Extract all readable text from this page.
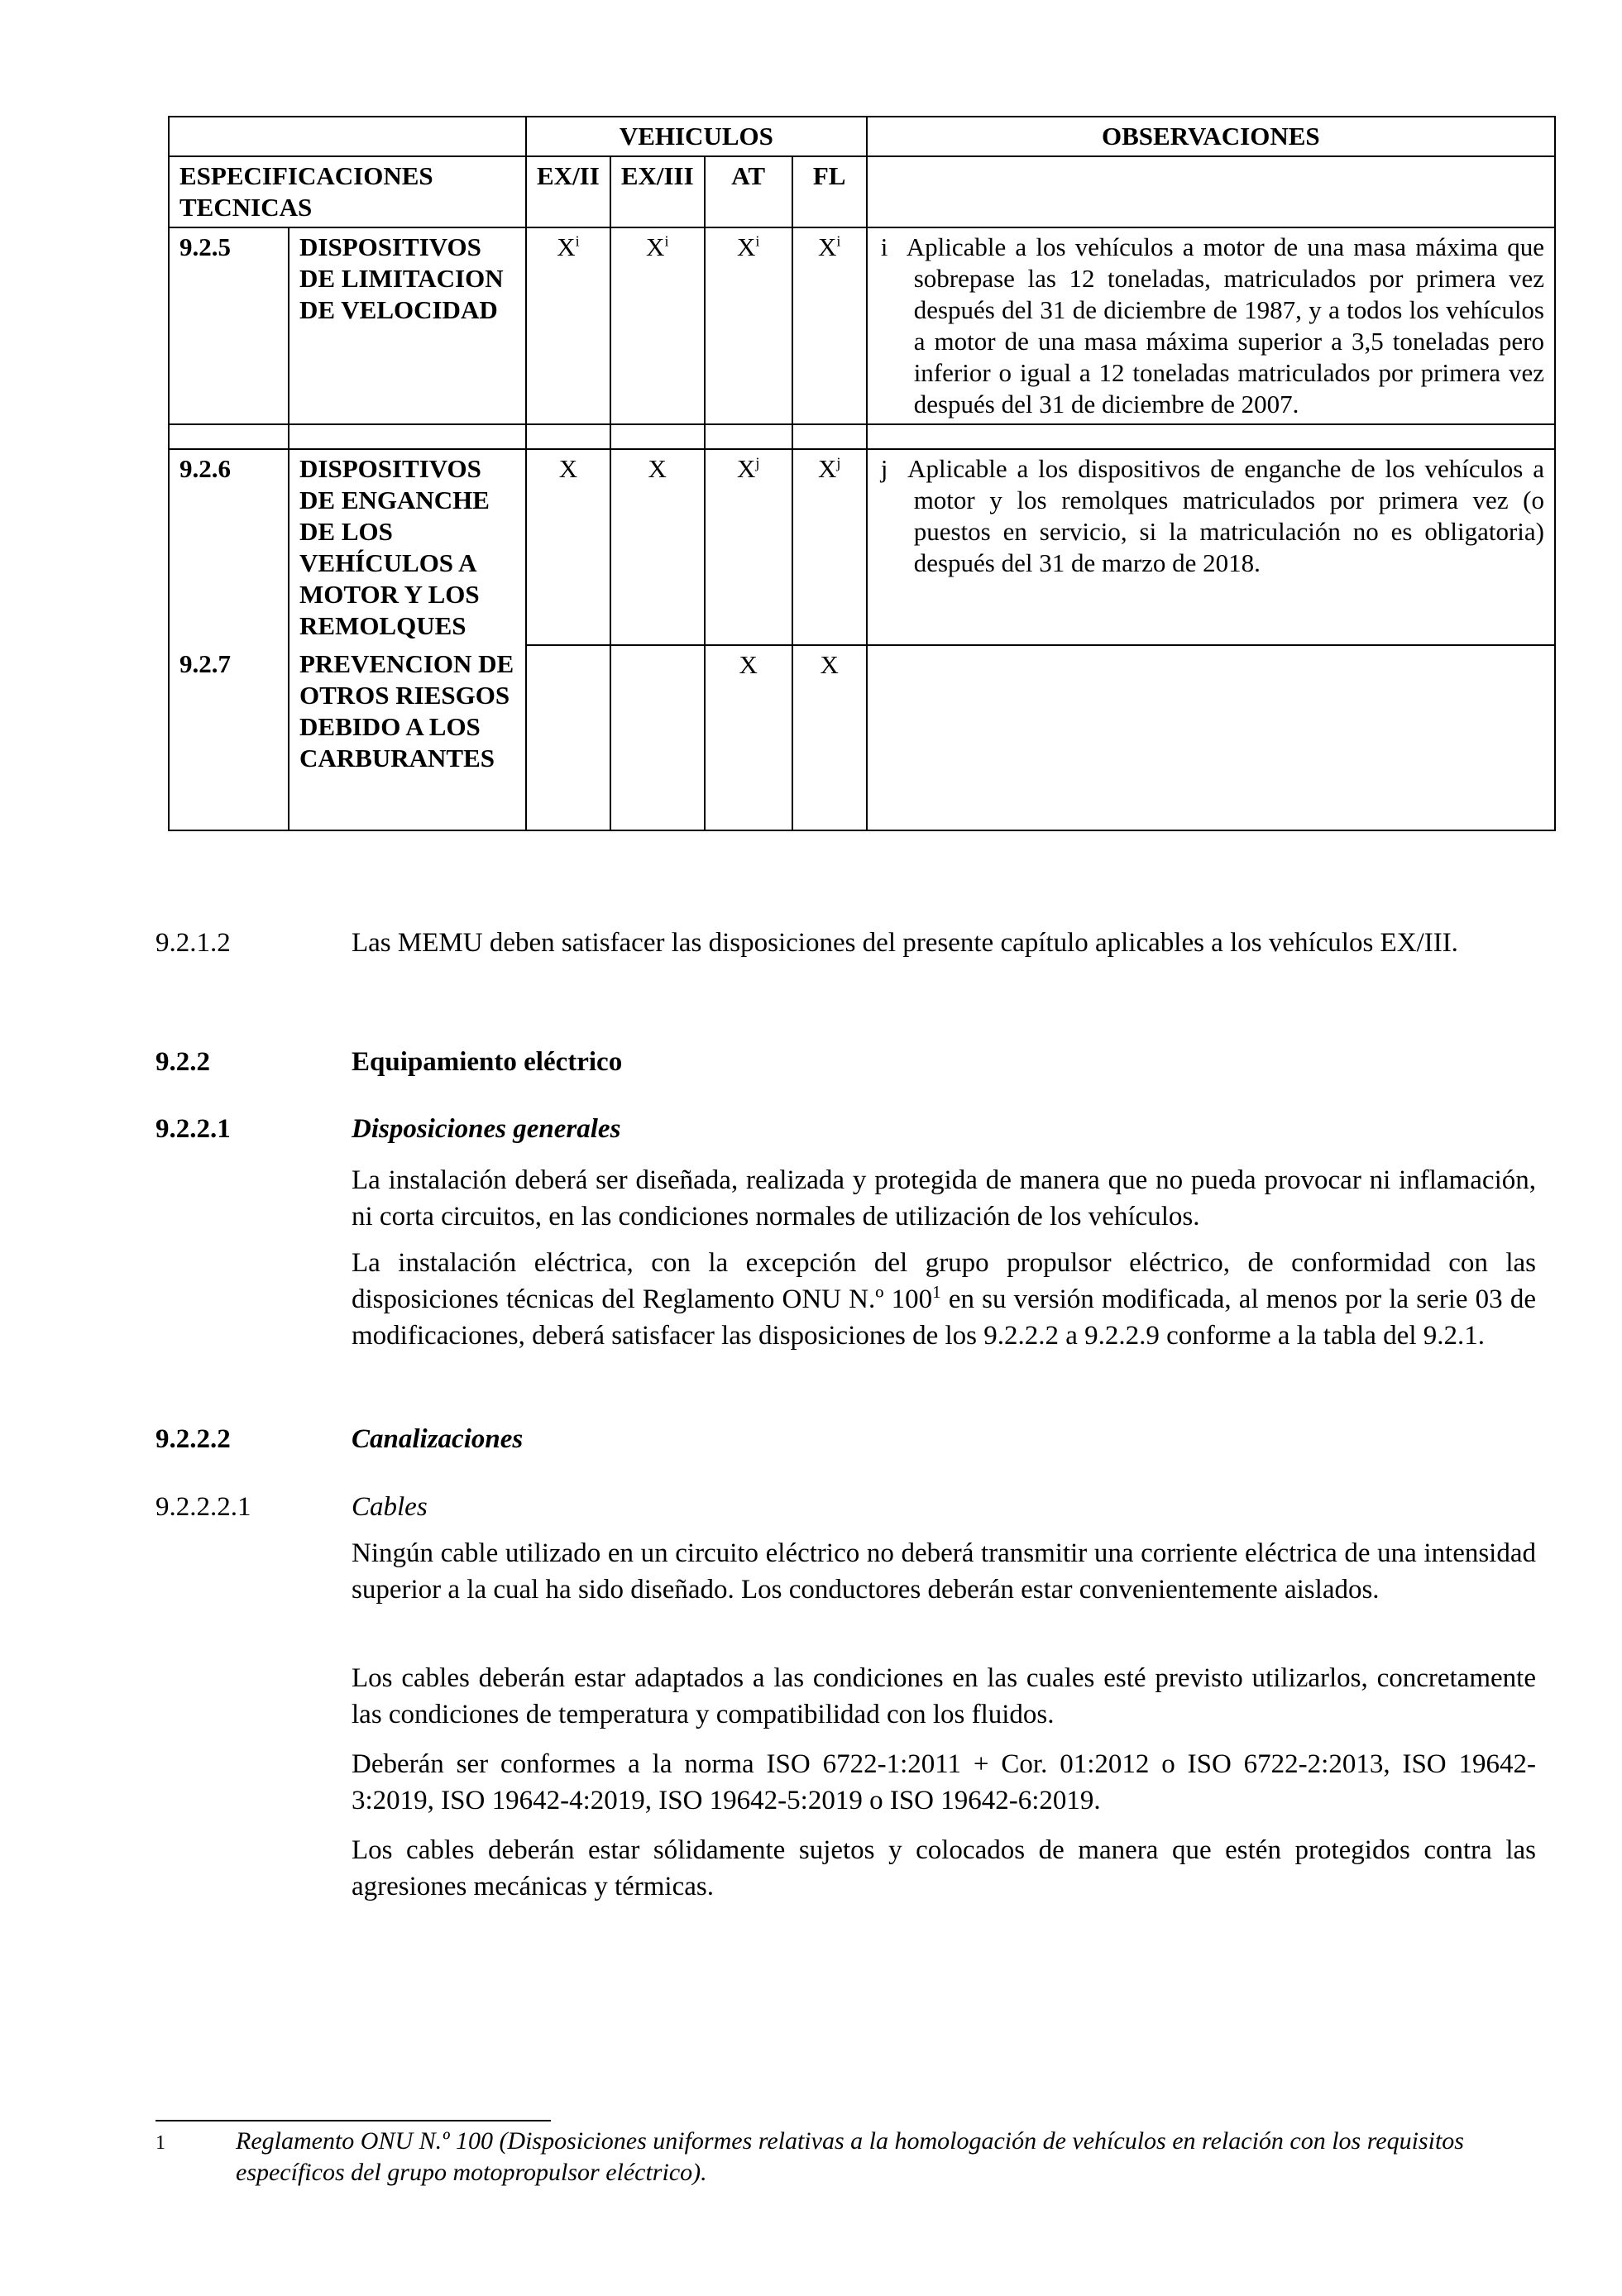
		VEHICULOS				OBSERVACIONES
ESPECIFICACIONES TECNICAS		EX/II	EX/III	AT	FL	
9.2.5	DISPOSITIVOS DE LIMITACION DE VELOCIDAD	$X^i$	$X^i$	$X^i$	$X^i$	i Aplicable a los vehículos a motor de una masa máxima que sobrepase las 12 toneladas, matriculados por primera vez después del 31 de diciembre de 1987, y a todos los vehículos a motor de una masa máxima superior a 3,5 toneladas pero inferior o igual a 12 toneladas matriculados por primera vez después del 31 de diciembre de 2007.

9.2.6	DISPOSITIVOS DE ENGANCHE DE LOS VEHÍCULOS A MOTOR Y LOS REMOLQUES	X	X	$X^j$	$X^j$	j Aplicable a los dispositivos de enganche de los vehículos a motor y los remolques matriculados por primera vez (o puestos en servicio, si la matriculación no es obligatoria) después del 31 de marzo de 2018.
9.2.7	PREVENCION DE OTROS RIESGOS DEBIDO A LOS CARBURANTES			X	X	
9.2.1.2	Las MEMU deben satisfacer las disposiciones del presente capítulo aplicables a los vehículos EX/III.
9.2.2	Equipamiento eléctrico
9.2.2.1	Disposiciones generales
La instalación deberá ser diseñada, realizada y protegida de manera que no pueda provocar ni inflamación, ni corta circuitos, en las condiciones normales de utilización de los vehículos.
La instalación eléctrica, con la excepción del grupo propulsor eléctrico, de conformidad con las disposiciones técnicas del Reglamento ONU N.º $100^1$ en su versión modificada, al menos por la serie 03 de modificaciones, deberá satisfacer las disposiciones de los 9.2.2.2 a 9.2.2.9 conforme a la tabla del 9.2.1.
9.2.2.2	Canalizaciones
9.2.2.2.1	Cables
Ningún cable utilizado en un circuito eléctrico no deberá transmitir una corriente eléctrica de una intensidad superior a la cual ha sido diseñado. Los conductores deberán estar convenientemente aislados.
Los cables deberán estar adaptados a las condiciones en las cuales esté previsto utilizarlos, concretamente las condiciones de temperatura y compatibilidad con los fluidos.
Deberán ser conformes a la norma ISO 6722-1:2011 + Cor. 01:2012 o ISO 6722-2:2013, ISO 19642-3:2019, ISO 19642-4:2019, ISO 19642-5:2019 o ISO 19642-6:2019.
Los cables deberán estar sólidamente sujetos y colocados de manera que estén protegidos contra las agresiones mecánicas y térmicas.
1	Reglamento ONU N.º 100 (Disposiciones uniformes relativas a la homologación de vehículos en relación con los requisitos específicos del grupo motopropulsor eléctrico).
